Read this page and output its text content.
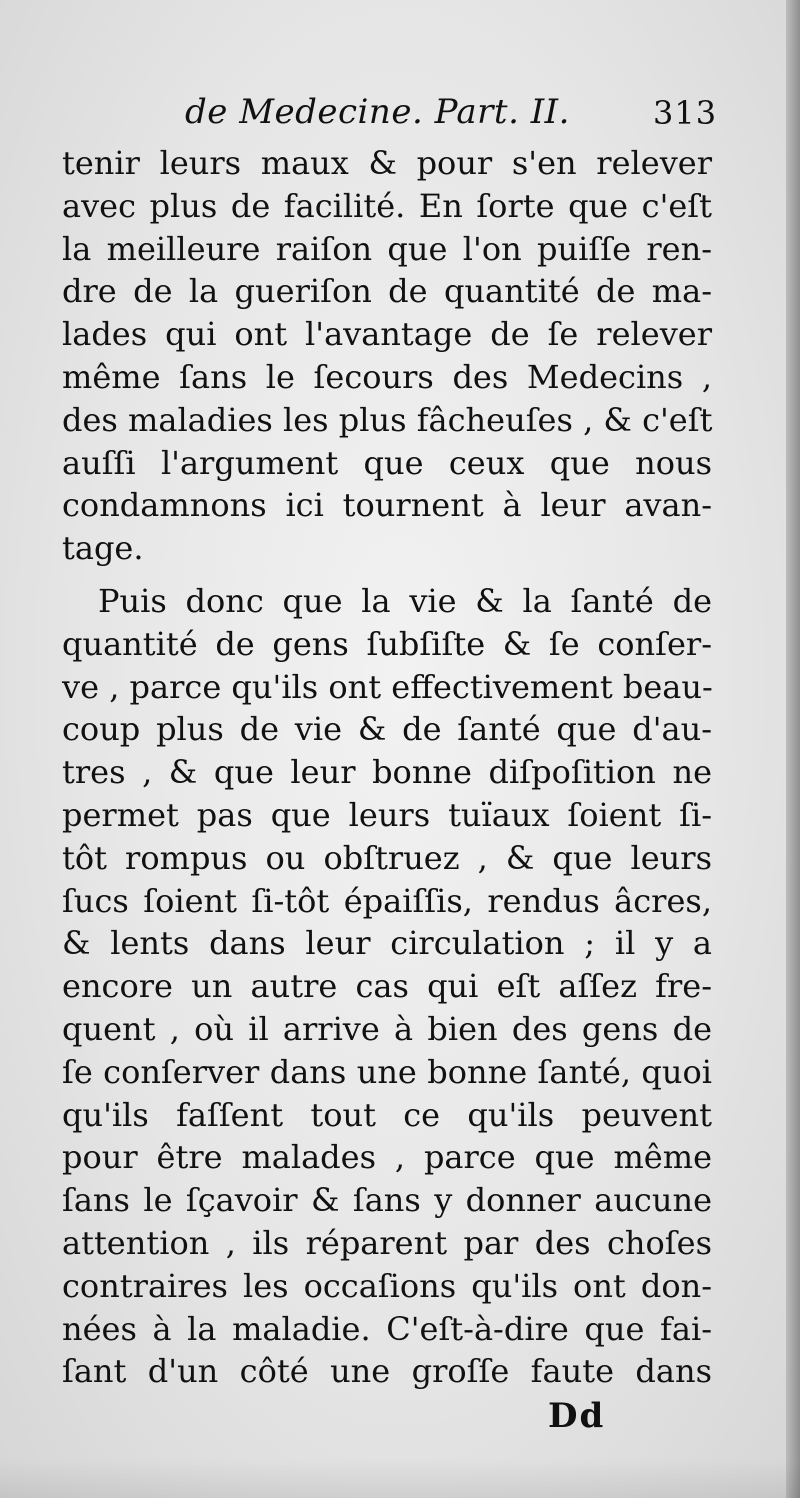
de Medecine. Part. II.	313
tenir leurs maux & pour s'en relever
avec plus de facilité. En ſorte que c'eſt
la meilleure raiſon que l'on puiſſe ren-
dre de la gueriſon de quantité de ma-
lades qui ont l'avantage de ſe relever
même ſans le ſecours des Medecins ,
des maladies les plus fâcheuſes , & c'eſt
auſſi l'argument que ceux que nous
condamnons ici tournent à leur avan-
tage.
Puis donc que la vie & la ſanté de
quantité de gens ſubſiſte & ſe conſer-
ve , parce qu'ils ont effectivement beau-
coup plus de vie & de ſanté que d'au-
tres , & que leur bonne diſpoſition ne
permet pas que leurs tuïaux ſoient ſi-
tôt rompus ou obſtruez , & que leurs
ſucs ſoient ſi-tôt épaiſſis, rendus âcres,
& lents dans leur circulation ; il y a
encore un autre cas qui eſt aſſez fre-
quent , où il arrive à bien des gens de
ſe conſerver dans une bonne ſanté, quoi
qu'ils faſſent tout ce qu'ils peuvent
pour être malades , parce que même
ſans le ſçavoir & ſans y donner aucune
attention , ils réparent par des choſes
contraires les occaſions qu'ils ont don-
nées à la maladie. C'eſt-à-dire que fai-
ſant d'un côté une groſſe faute dans
Dd
